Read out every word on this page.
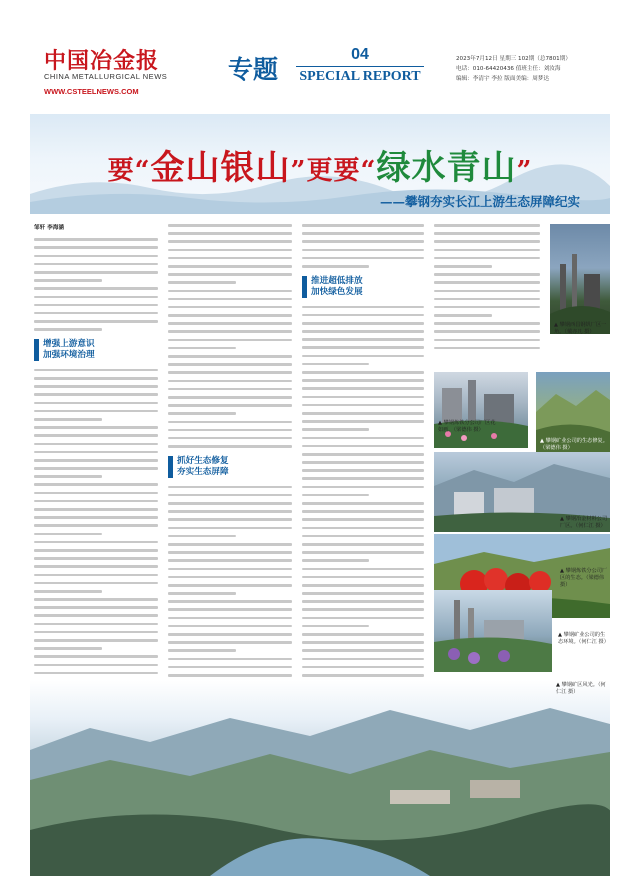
中国冶金报
CHINA METALLURGICAL NEWS
WWW.CSTEELNEWS.COM
专题
04
SPECIAL REPORT
2023年7月12日 星期三 102期（总7801期）
电话：010-64420436 值班主任：刘汝海
编辑：李清宇 李拉 版面美编：周梦达
要“金山银山”更要“绿水青山”
——攀钢夯实长江上游生态屏障纪实
邹轩 李海涵
增强上游意识
加强环境治理
抓好生态修复
夯实生态屏障
推进超低排放
加快绿色发展
▲ 攀钢西昌钢钒厂区一角。（戴亦凡 摄）
▲ 攀钢炼铁分公司厂区花如画。（梁德伟 摄）
▲ 攀钢矿业公司的生态修复。（梁德伟 摄）
▲ 攀钢冶金材料公司厂区。（何仁江 摄）
▲ 攀钢炼铁分公司厂区的生态。（梁德伟 摄）
▲ 攀钢矿业公司的生态环境。（何仁江 摄）
▲ 攀钢矿区风光。（何仁江 摄）
